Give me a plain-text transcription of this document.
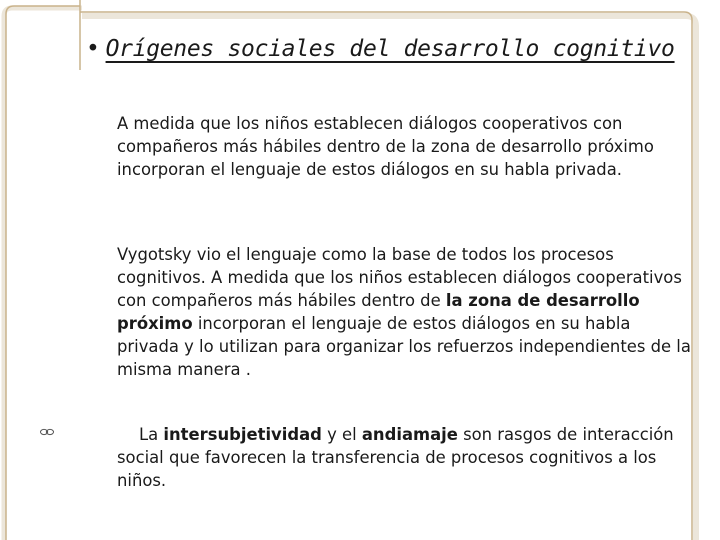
• Orígenes sociales del desarrollo cognitivo
A medida que los niños establecen diálogos cooperativos con compañeros más hábiles dentro de la zona de desarrollo próximo incorporan el lenguaje de estos diálogos en su habla privada.
Vygotsky vio el lenguaje como la base de todos los procesos cognitivos. A medida que los niños establecen diálogos cooperativos con compañeros más hábiles dentro de la zona de desarrollo próximo incorporan el lenguaje de estos diálogos en su habla privada y lo utilizan para organizar los refuerzos independientes de la misma manera .
La intersubjetividad y el andiamaje son rasgos de interacción social que favorecen la transferencia de procesos cognitivos a los niños.
